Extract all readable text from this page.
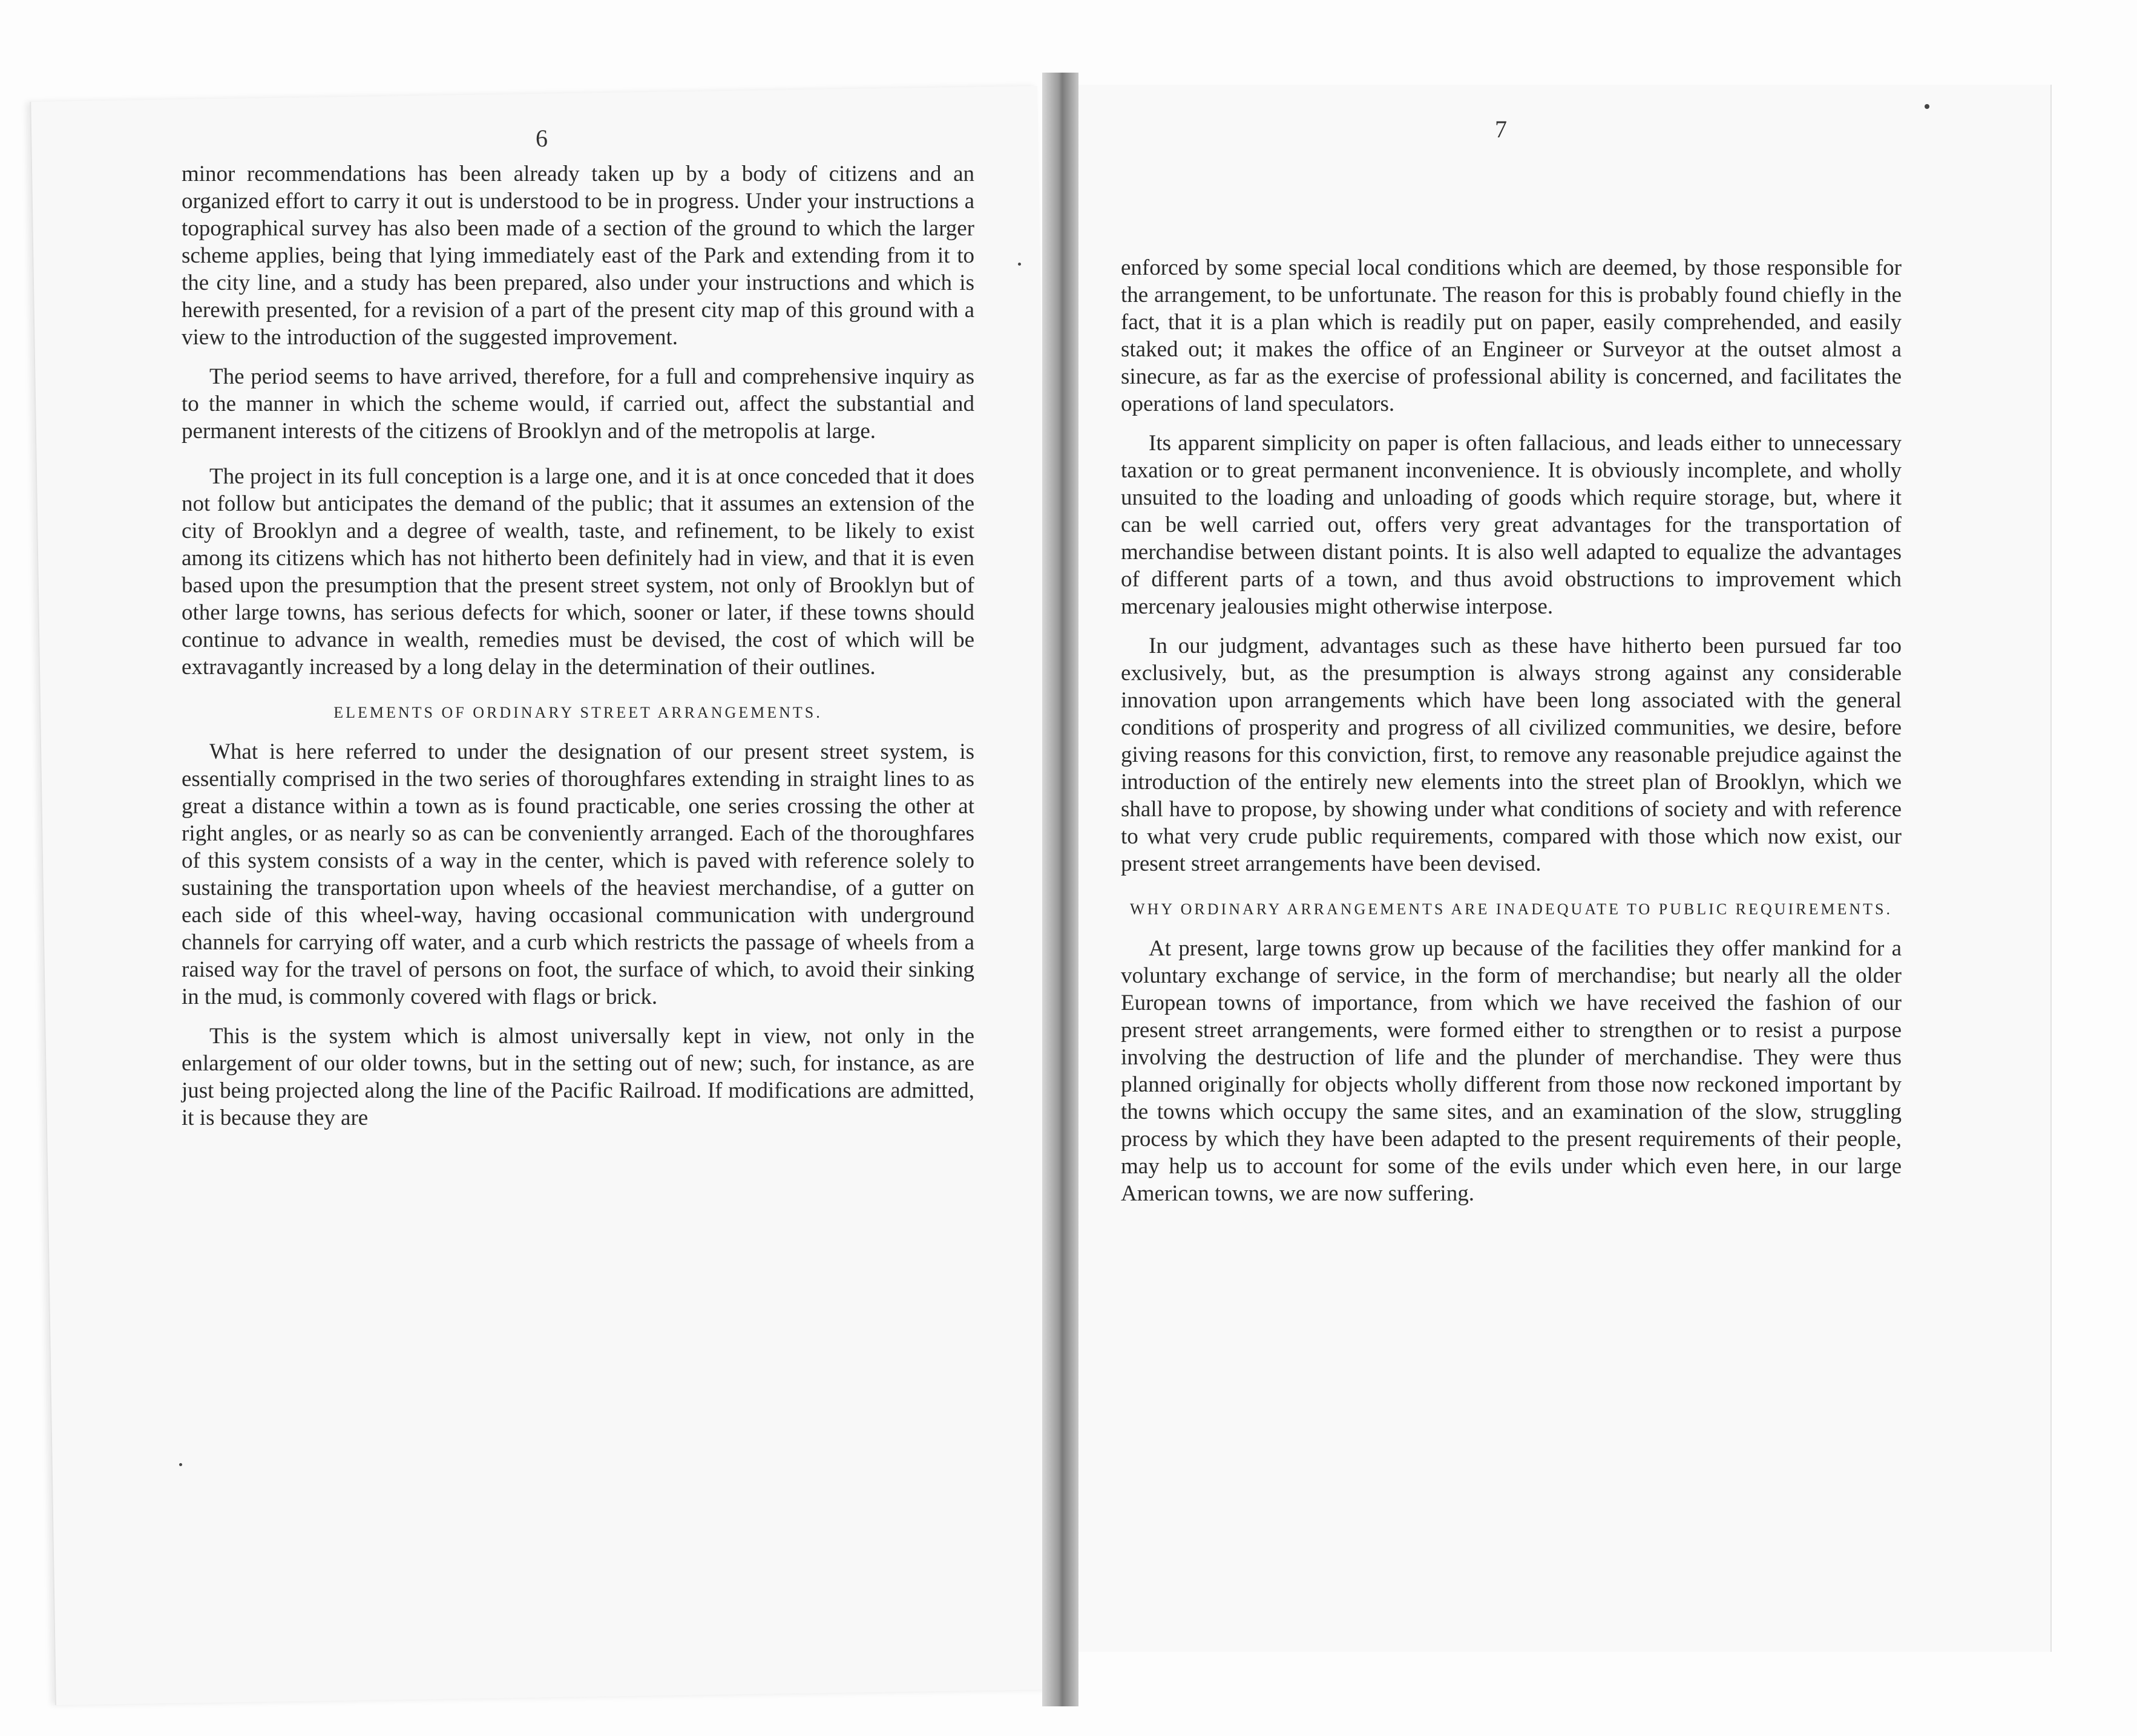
6	7

minor recommendations has been already taken up by a body of citizens and an organized effort to carry it out is understood to be in progress. Under your instructions a topographical survey has also been made of a section of the ground to which the larger scheme applies, being that lying immediately east of the Park and extending from it to the city line, and a study has been prepared, also under your instructions and which is herewith presented, for a revision of a part of the present city map of this ground with a view to the introduction of the suggested improvement.

The period seems to have arrived, therefore, for a full and comprehensive inquiry as to the manner in which the scheme would, if carried out, affect the substantial and permanent interests of the citizens of Brooklyn and of the metropolis at large.

The project in its full conception is a large one, and it is at once conceded that it does not follow but anticipates the demand of the public; that it assumes an extension of the city of Brooklyn and a degree of wealth, taste, and refinement, to be likely to exist among its citizens which has not hitherto been definitely had in view, and that it is even based upon the presumption that the present street system, not only of Brooklyn but of other large towns, has serious defects for which, sooner or later, if these towns should continue to advance in wealth, remedies must be devised, the cost of which will be extravagantly increased by a long delay in the determination of their outlines.

ELEMENTS OF ORDINARY STREET ARRANGEMENTS.

What is here referred to under the designation of our present street system, is essentially comprised in the two series of thoroughfares extending in straight lines to as great a distance within a town as is found practicable, one series crossing the other at right angles, or as nearly so as can be conveniently arranged. Each of the thoroughfares of this system consists of a way in the center, which is paved with reference solely to sustaining the transportation upon wheels of the heaviest merchandise, of a gutter on each side of this wheel-way, having occasional communication with underground channels for carrying off water, and a curb which restricts the passage of wheels from a raised way for the travel of persons on foot, the surface of which, to avoid their sinking in the mud, is commonly covered with flags or brick.

This is the system which is almost universally kept in view, not only in the enlargement of our older towns, but in the setting out of new; such, for instance, as are just being projected along the line of the Pacific Railroad. If modifications are admitted, it is because they are

enforced by some special local conditions which are deemed, by those responsible for the arrangement, to be unfortunate. The reason for this is probably found chiefly in the fact, that it is a plan which is readily put on paper, easily comprehended, and easily staked out; it makes the office of an Engineer or Surveyor at the outset almost a sinecure, as far as the exercise of professional ability is concerned, and facilitates the operations of land speculators.

Its apparent simplicity on paper is often fallacious, and leads either to unnecessary taxation or to great permanent inconvenience. It is obviously incomplete, and wholly unsuited to the loading and unloading of goods which require storage, but, where it can be well carried out, offers very great advantages for the transportation of merchandise between distant points. It is also well adapted to equalize the advantages of different parts of a town, and thus avoid obstructions to improvement which mercenary jealousies might otherwise interpose.

In our judgment, advantages such as these have hitherto been pursued far too exclusively, but, as the presumption is always strong against any considerable innovation upon arrangements which have been long associated with the general conditions of prosperity and progress of all civilized communities, we desire, before giving reasons for this conviction, first, to remove any reasonable prejudice against the introduction of the entirely new elements into the street plan of Brooklyn, which we shall have to propose, by showing under what conditions of society and with reference to what very crude public requirements, compared with those which now exist, our present street arrangements have been devised.

WHY ORDINARY ARRANGEMENTS ARE INADEQUATE TO PUBLIC REQUIREMENTS.

At present, large towns grow up because of the facilities they offer mankind for a voluntary exchange of service, in the form of merchandise; but nearly all the older European towns of importance, from which we have received the fashion of our present street arrangements, were formed either to strengthen or to resist a purpose involving the destruction of life and the plunder of merchandise. They were thus planned originally for objects wholly different from those now reckoned important by the towns which occupy the same sites, and an examination of the slow, struggling process by which they have been adapted to the present requirements of their people, may help us to account for some of the evils under which even here, in our large American towns, we are now suffering.
